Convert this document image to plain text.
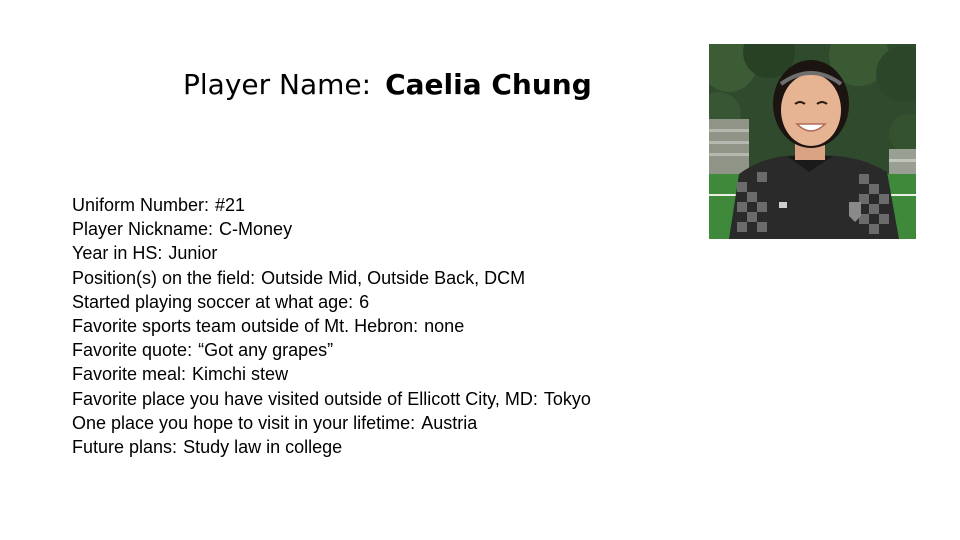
Player Name: Caelia Chung
Uniform Number: #21
Player Nickname: C-Money
Year in HS: Junior
Position(s) on the field: Outside Mid, Outside Back, DCM
Started playing soccer at what age: 6
Favorite sports team outside of Mt. Hebron: none
Favorite quote: “Got any grapes”
Favorite meal: Kimchi stew
Favorite place you have visited outside of Ellicott City, MD: Tokyo
One place you hope to visit in your lifetime: Austria
Future plans: Study law in college
